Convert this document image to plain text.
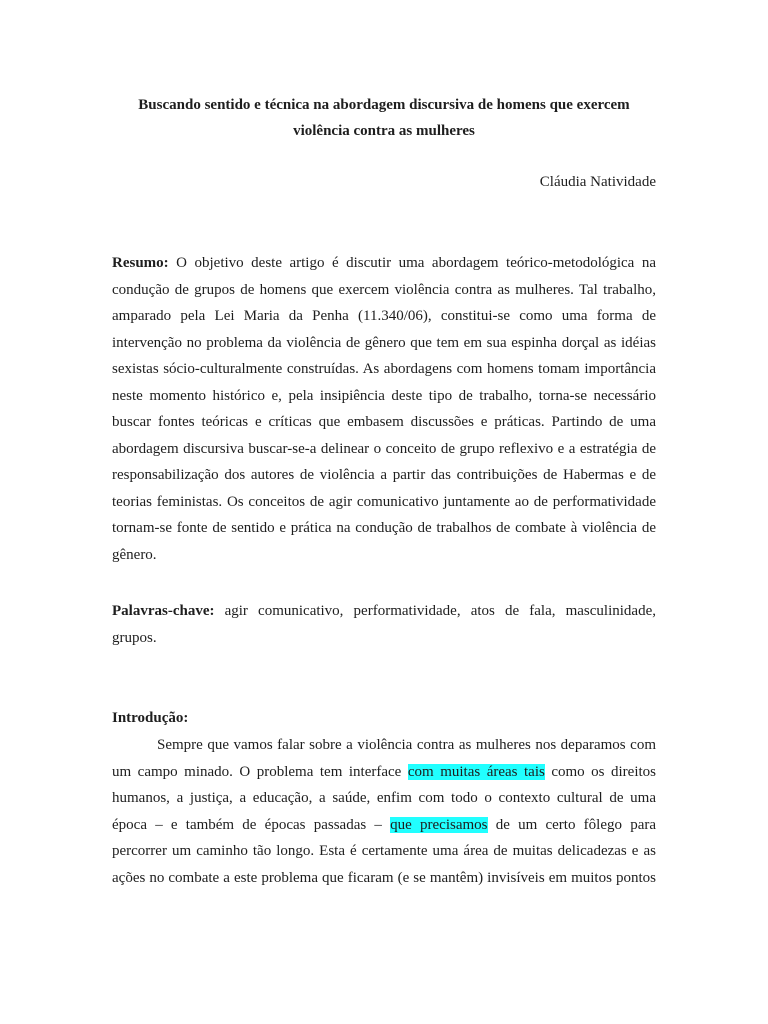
Buscando sentido e técnica na abordagem discursiva de homens que exercem
violência contra as mulheres
Cláudia Natividade
Resumo: O objetivo deste artigo é discutir uma abordagem teórico-metodológica na
condução de grupos de homens que exercem violência contra as mulheres. Tal trabalho,
amparado pela Lei Maria da Penha (11.340/06), constitui-se como uma forma de
intervenção no problema da violência de gênero que tem em sua espinha dorçal as idéias
sexistas sócio-culturalmente construídas. As abordagens com homens tomam importância
neste momento histórico e, pela insipiência deste tipo de trabalho, torna-se necessário
buscar fontes teóricas e críticas que embasem discussões e práticas. Partindo de uma
abordagem discursiva buscar-se-a delinear o conceito de grupo reflexivo e a estratégia de
responsabilização dos autores de violência a partir das contribuições de Habermas e de
teorias feministas. Os conceitos de agir comunicativo juntamente ao de performatividade
tornam-se fonte de sentido e prática na condução de trabalhos de combate à violência de
gênero.
Palavras-chave: agir comunicativo, performatividade, atos de fala, masculinidade,
grupos.
Introdução:
Sempre que vamos falar sobre a violência contra as mulheres nos deparamos com
um campo minado. O problema tem interface com muitas áreas tais como os direitos
humanos, a justiça, a educação, a saúde, enfim com todo o contexto cultural de uma
época – e também de épocas passadas – que precisamos de um certo fôlego para
percorrer um caminho tão longo. Esta é certamente uma área de muitas delicadezas e as
ações no combate a este problema que ficaram (e se mantêm) invisíveis em muitos pontos
